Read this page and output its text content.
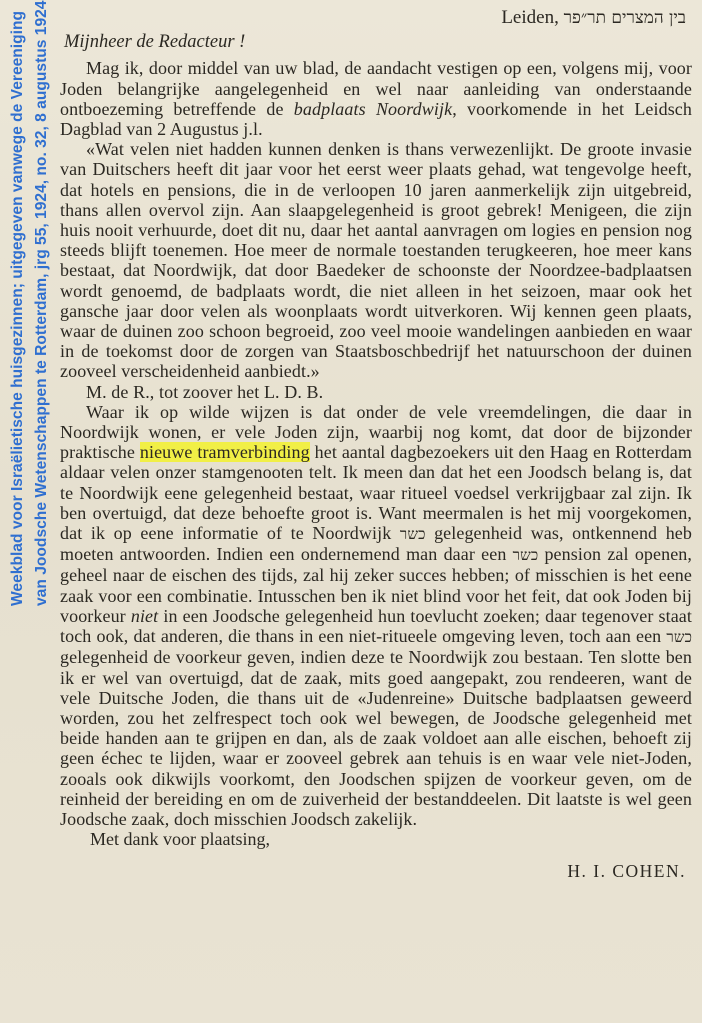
Weekblad voor Israëlietische huisgezinnen; uitgegeven vanwege de Vereeniging van Joodsche Wetenschappen te Rotterdam, jrg 55, 1924, no. 32, 8 augustus 1924	Leiden, בין המצרים תר״פר
Mijnheer de Redacteur !

Mag ik, door middel van uw blad, de aandacht vestigen op een, volgens mij, voor Joden belangrijke aangelegenheid en wel naar aanleiding van onderstaande ontboezeming betreffende de badplaats Noordwijk, voorkomende in het Leidsch Dagblad van 2 Augustus j.l.

«Wat velen niet hadden kunnen denken is thans verwezenlijkt. De groote invasie van Duitschers heeft dit jaar voor het eerst weer plaats gehad, wat tengevolge heeft, dat hotels en pensions, die in de verloopen 10 jaren aanmerkelijk zijn uitgebreid, thans allen overvol zijn. Aan slaapgelegenheid is groot gebrek! Menigeen, die zijn huis nooit verhuurde, doet dit nu, daar het aantal aanvragen om logies en pension nog steeds blijft toenemen. Hoe meer de normale toestanden terugkeeren, hoe meer kans bestaat, dat Noordwijk, dat door Baedeker de schoonste der Noordzee-badplaatsen wordt genoemd, de badplaats wordt, die niet alleen in het seizoen, maar ook het gansche jaar door velen als woonplaats wordt uitverkoren. Wij kennen geen plaats, waar de duinen zoo schoon begroeid, zoo veel mooie wandelingen aanbieden en waar in de toekomst door de zorgen van Staatsboschbedrijf het natuurschoon der duinen zooveel verscheidenheid aanbiedt.»

M. de R., tot zoover het L. D. B.

Waar ik op wilde wijzen is dat onder de vele vreemdelingen, die daar in Noordwijk wonen, er vele Joden zijn, waarbij nog komt, dat door de bijzonder praktische nieuwe tramverbinding het aantal dagbezoekers uit den Haag en Rotterdam aldaar velen onzer stamgenooten telt. Ik meen dan dat het een Joodsch belang is, dat te Noordwijk eene gelegenheid bestaat, waar ritueel voedsel verkrijgbaar zal zijn. Ik ben overtuigd, dat deze behoefte groot is. Want meermalen is het mij voorgekomen, dat ik op eene informatie of te Noordwijk כשר gelegenheid was, ontkennend heb moeten antwoorden. Indien een ondernemend man daar een כשר pension zal openen, geheel naar de eischen des tijds, zal hij zeker succes hebben; of misschien is het eene zaak voor een combinatie. Intusschen ben ik niet blind voor het feit, dat ook Joden bij voorkeur niet in een Joodsche gelegenheid hun toevlucht zoeken; daar tegenover staat toch ook, dat anderen, die thans in een niet-ritueele omgeving leven, toch aan een כשר gelegenheid de voorkeur geven, indien deze te Noordwijk zou bestaan. Ten slotte ben ik er wel van overtuigd, dat de zaak, mits goed aangepakt, zou rendeeren, want de vele Duitsche Joden, die thans uit de «Judenreine» Duitsche badplaatsen geweerd worden, zou het zelfrespect toch ook wel bewegen, de Joodsche gelegenheid met beide handen aan te grijpen en dan, als de zaak voldoet aan alle eischen, behoeft zij geen échec te lijden, waar er zooveel gebrek aan tehuis is en waar vele niet-Joden, zooals ook dikwijls voorkomt, den Joodschen spijzen de voorkeur geven, om de reinheid der bereiding en om de zuiverheid der bestanddeelen. Dit laatste is wel geen Joodsche zaak, doch misschien Joodsch zakelijk.

Met dank voor plaatsing,

H. I. COHEN.
